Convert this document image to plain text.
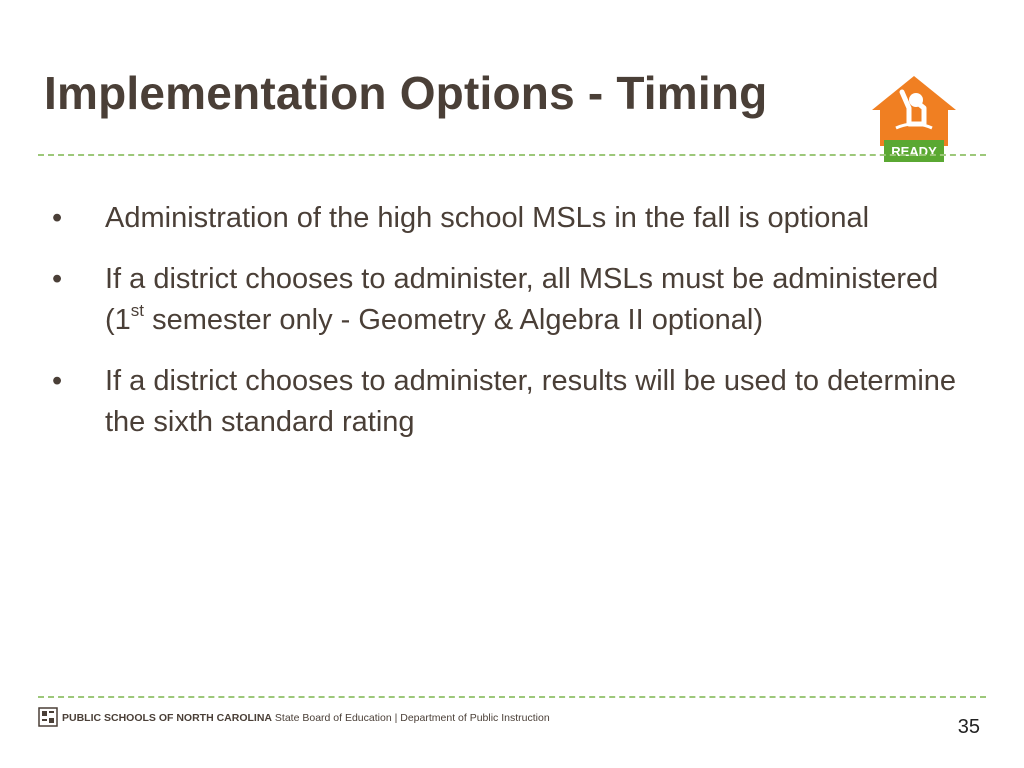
Implementation Options - Timing
READY
• Administration of the high school MSLs in the fall is optional
• If a district chooses to administer, all MSLs must be administered (1st semester only - Geometry & Algebra II optional)
• If a district chooses to administer, results will be used to determine the sixth standard rating
PUBLIC SCHOOLS OF NORTH CAROLINA State Board of Education | Department of Public Instruction	35
